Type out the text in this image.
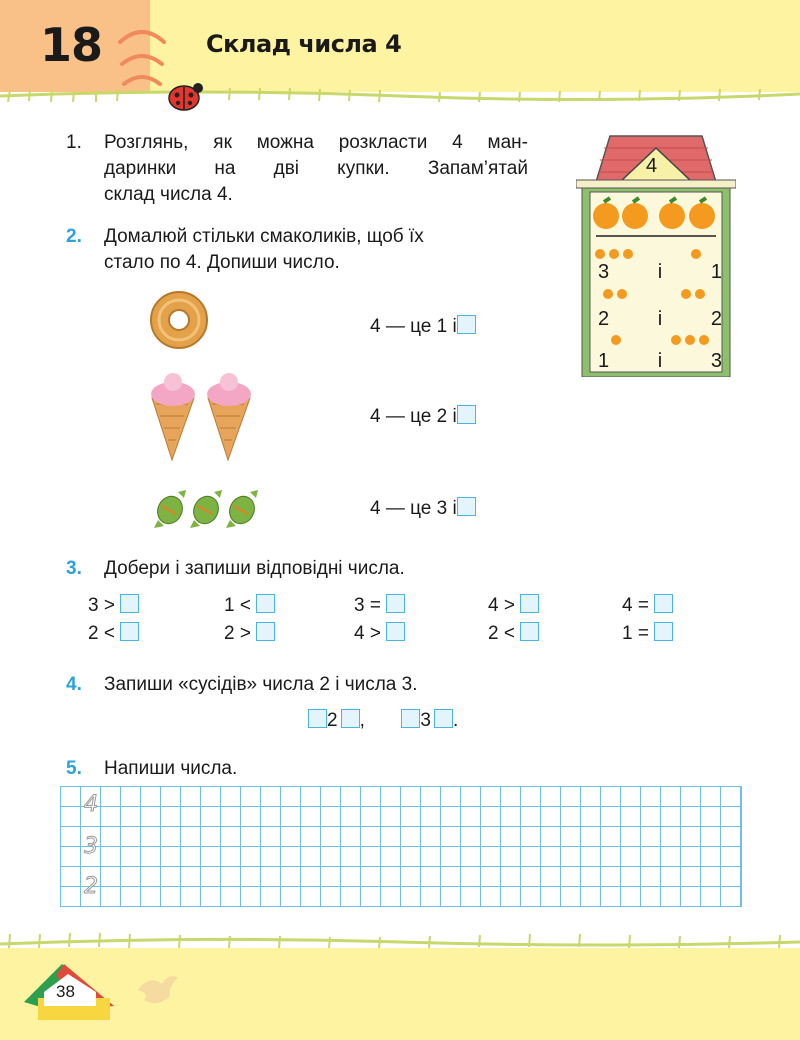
18	Склад числа 4
1. Розглянь, як можна розкласти 4 ман-
даринки на дві купки. Запам’ятай
склад числа 4.
2. Домалюй стільки смаколиків, щоб їх
стало по 4. Допиши число.
4
3 і 1
2 і 2
1 і 3
4 — це 1 і
4 — це 2 і
4 — це 3 і
3. Добери і запиши відповідні числа.
3 >	1 <	3 =	4 >	4 =
2 <	2 >	4 >	2 <	1 =
4. Запиши «сусідів» числа 2 і числа 3.
2 ,	3 .
5. Напиши числа.
4
3
2
38
